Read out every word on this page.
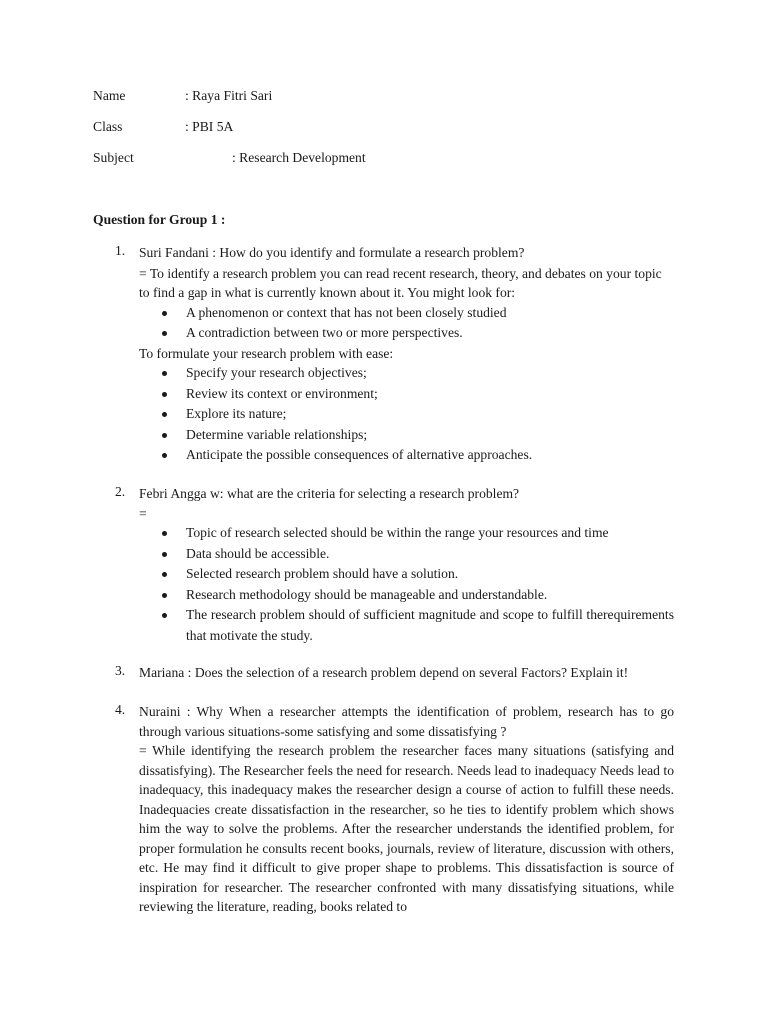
Name	: Raya Fitri Sari
Class	: PBI 5A
Subject	: Research Development
Question for Group 1 :
1. Suri Fandani : How do you identify and formulate a research problem?

= To identify a research problem you can read recent research, theory, and debates on your topic to find a gap in what is currently known about it. You might look for:

A phenomenon or context that has not been closely studied
A contradiction between two or more perspectives.

To formulate your research problem with ease:

Specify your research objectives;
Review its context or environment;
Explore its nature;
Determine variable relationships;
Anticipate the possible consequences of alternative approaches.
2. Febri Angga w: what are the criteria for selecting a research problem?

=

Topic of research selected should be within the range your resources and time
Data should be accessible.
Selected research problem should have a solution.
Research methodology should be manageable and understandable.
The research problem should of sufficient magnitude and scope to fulfill therequirements that motivate the study.
3. Mariana : Does the selection of a research problem depend on several Factors? Explain it!

4. Nuraini : Why When a researcher attempts the identification of problem, research has to go through various situations-some satisfying and some dissatisfying ?

= While identifying the research problem the researcher faces many situations (satisfying and dissatisfying). The Researcher feels the need for research. Needs lead to inadequacy Needs lead to inadequacy, this inadequacy makes the researcher design a course of action to fulfill these needs. Inadequacies create dissatisfaction in the researcher, so he ties to identify problem which shows him the way to solve the problems. After the researcher understands the identified problem, for proper formulation he consults recent books, journals, review of literature, discussion with others, etc. He may find it difficult to give proper shape to problems. This dissatisfaction is source of inspiration for researcher. The researcher confronted with many dissatisfying situations, while reviewing the literature, reading, books related to
